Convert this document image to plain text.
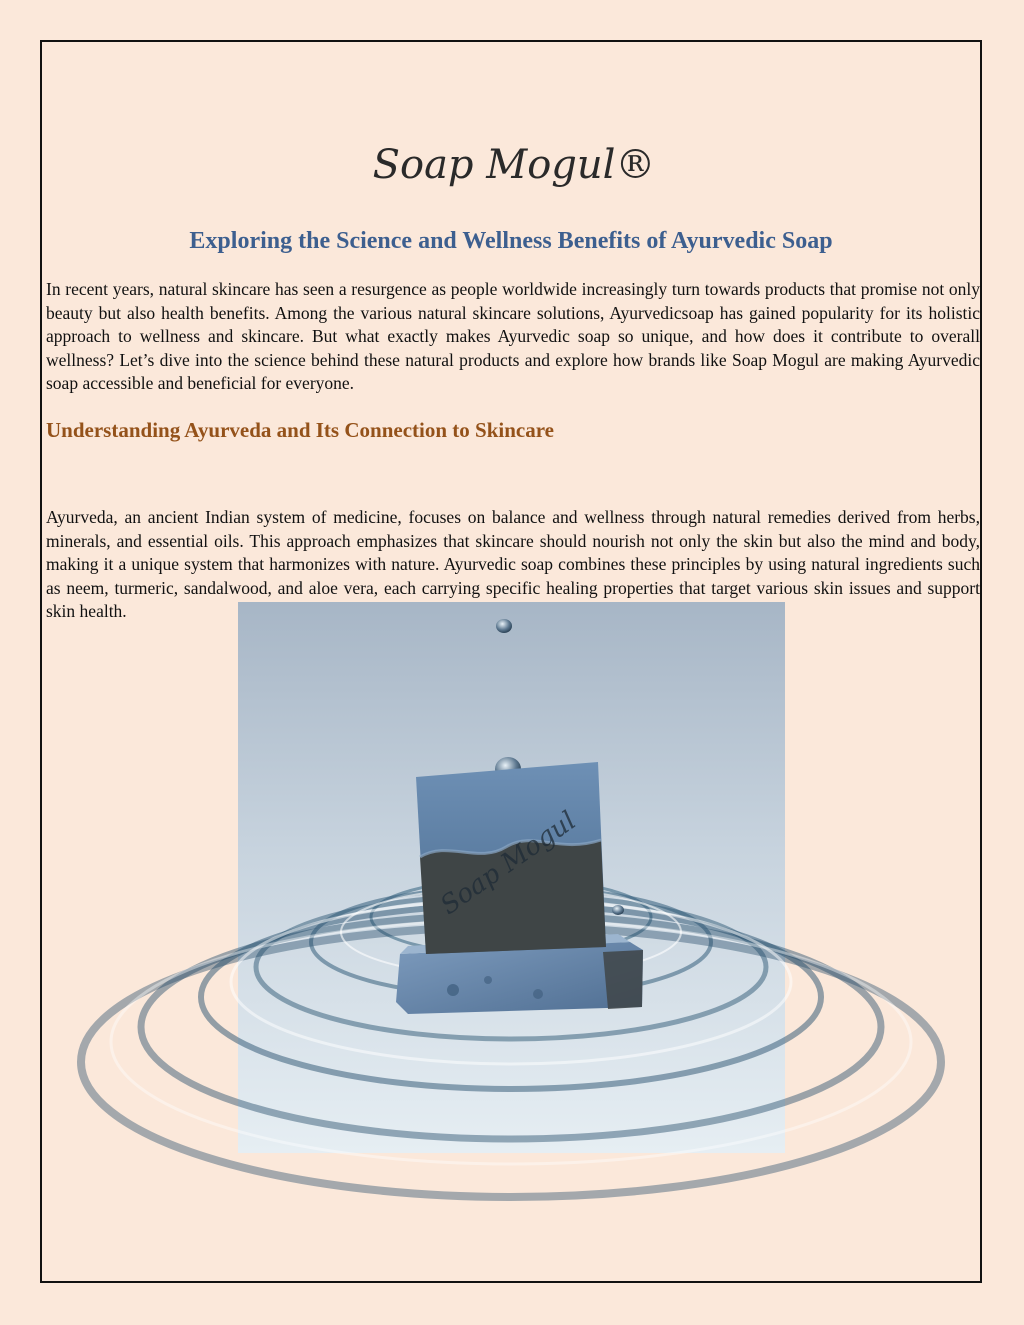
Soap Mogul®
Exploring the Science and Wellness Benefits of Ayurvedic Soap

In recent years, natural skincare has seen a resurgence as people worldwide increasingly turn towards products that promise not only beauty but also health benefits. Among the various natural skincare solutions, Ayurvedicsoap has gained popularity for its holistic approach to wellness and skincare. But what exactly makes Ayurvedic soap so unique, and how does it contribute to overall wellness? Let’s dive into the science behind these natural products and explore how brands like Soap Mogul are making Ayurvedic soap accessible and beneficial for everyone.

Understanding Ayurveda and Its Connection to Skincare

Ayurveda, an ancient Indian system of medicine, focuses on balance and wellness through natural remedies derived from herbs, minerals, and essential oils. This approach emphasizes that skincare should nourish not only the skin but also the mind and body, making it a unique system that harmonizes with nature. Ayurvedic soap combines these principles by using natural ingredients such as neem, turmeric, sandalwood, and aloe vera, each carrying specific healing properties that target various skin issues and support skin health.

Soap Mogul
